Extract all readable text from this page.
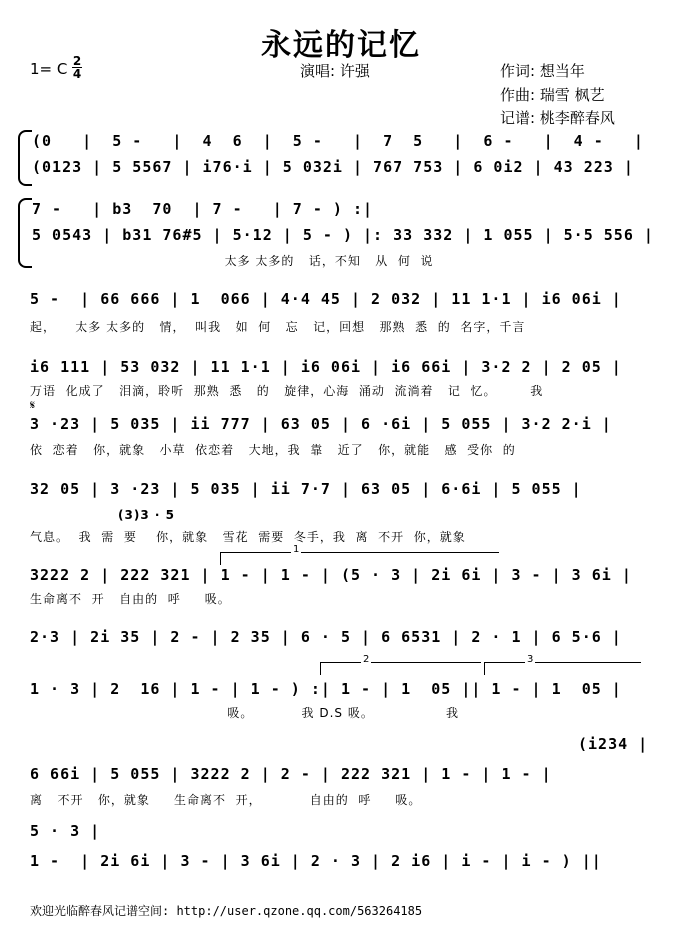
永远的记忆
1= C 2
4	演唱: 许强	作词: 想当年
作曲: 瑞雪 枫艺
记谱: 桃李醉春风
(0   |  5 -   |  4  6  |  5 -   |  7  5   |  6 -   |  4 -   |
(0123 | 5 5567 | i76·i | 5 032i | 767 753 | 6 0i2 | 43 223 |
7 -   | b3  70  | 7 -   | 7 - ) :|
5 0543 | b31 76#5 | 5·12 | 5 - ) |: 33 332 | 1 055 | 5·5 556 |
太多 太多的   话，不知   从  何  说
5 -  | 66 666 | 1  066 | 4·4 45 | 2 032 | 11 1·1 | i6 06i |
起，    太多 太多的   情，  叫我   如  何   忘   记，回想   那熟  悉  的  名字，千言
i6 111 | 53 032 | 11 1·1 | i6 06i | i6 66i | 3·2 2 | 2 05 |
万语  化成了   泪滴，聆听  那熟  悉   的   旋律，心海  涌动  流淌着   记  忆。       我
𝄋
3 ·23 | 5 035 | ii 777 | 63 05 | 6 ·6i | 5 055 | 3·2 2·i |
依  恋着   你，就象   小草  依恋着   大地，我  靠   近了   你，就能   感  受你  的
32 05 | 3 ·23 | 5 035 | ii 7·7 | 63 05 | 6·6i | 5 055 |
(3)3 · 5
气息。  我  需  要    你，就象   雪花  需要  冬手，我  离  不开  你，就象
1
3222 2 | 222 321 | 1 - | 1 - | (5 · 3 | 2i 6i | 3 - | 3 6i |
生命离不  开   自由的  呼     吸。
2·3 | 2i 35 | 2 - | 2 35 | 6 · 5 | 6 6531 | 2 · 1 | 6 5·6 |
2	3
1 · 3 | 2  16 | 1 - | 1 - ) :| 1 - | 1  05 || 1 - | 1  05 |
吸。          我 D.S 吸。               我
(i234 |
6 66i | 5 055 | 3222 2 | 2 - | 222 321 | 1 - | 1 - |
离   不开   你，就象     生命离不  开，          自由的  呼     吸。
5 · 3 |
1 -  | 2i 6i | 3 - | 3 6i | 2 · 3 | 2 i6 | i - | i - ) ||
欢迎光临醉春风记谱空间: http://user.qzone.qq.com/563264185
